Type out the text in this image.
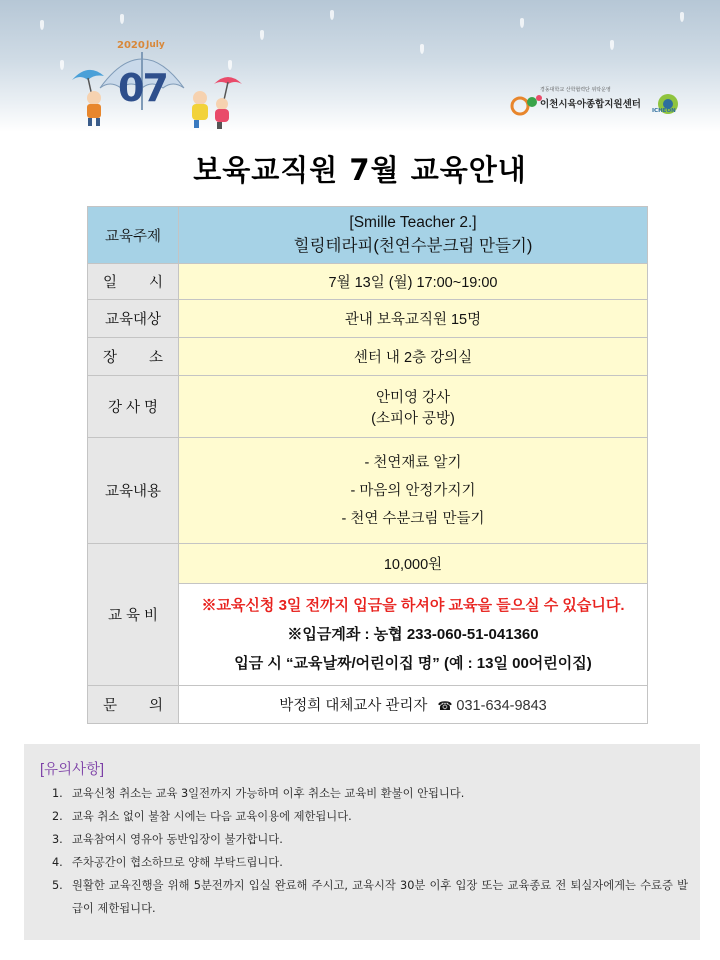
2020 July
07	경동대학교 산학협력단 위탁운영
이천시육아종합지원센터
ICHEON
보육교직원 7월 교육안내
교육주제	[Smille Teacher 2.]
힐링테라피(천연수분크림 만들기)

일 시	7월 13일 (월) 17:00~19:00
교육대상	관내 보육교직원 15명
장 소	센터 내 2층 강의실
강 사 명	안미영 강사
(소피아 공방)

교육내용	- 천연재료 알기
- 마음의 안정가지기
- 천연 수분크림 만들기

교 육 비	10,000원

	※교육신청 3일 전까지 입금을 하셔야 교육을 들으실 수 있습니다.
※입금계좌 : 농협 233-060-51-041360
입금 시 “교육날짜/어린이집 명” (예 : 13일 00어린이집)

문 의	박정희 대체교사 관리자 ☎ 031-634-9843
[유의사항]
1. 교육신청 취소는 교육 3일전까지 가능하며 이후 취소는 교육비 환불이 안됩니다.
2. 교육 취소 없이 불참 시에는 다음 교육이용에 제한됩니다.
3. 교육참여시 영유아 동반입장이 불가합니다.
4. 주차공간이 협소하므로 양해 부탁드립니다.
5. 원활한 교육진행을 위해 5분전까지 입실 완료해 주시고, 교육시작 30분 이후 입장 또는 교육종료 전 퇴실자에게는 수료증 발급이 제한됩니다.
